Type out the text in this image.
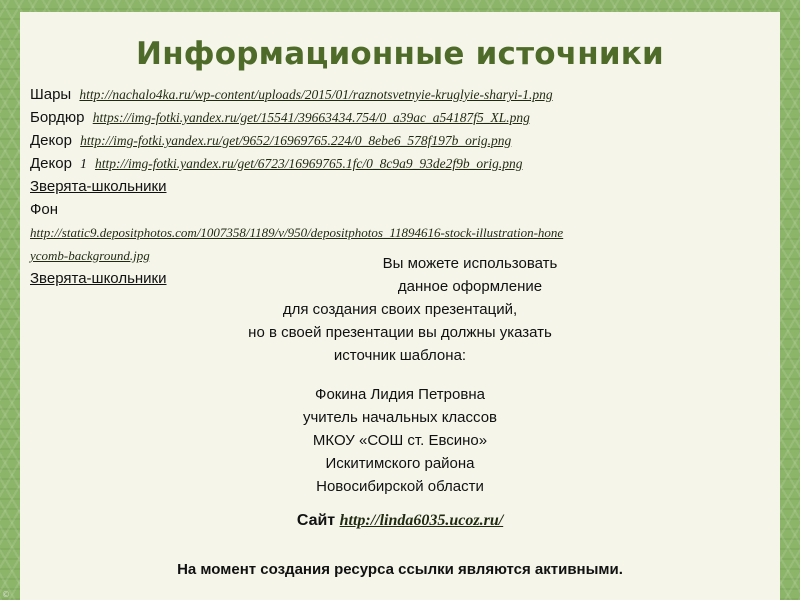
Информационные источники
Шары http://nachalo4ka.ru/wp-content/uploads/2015/01/raznotsvetnyie-kruglyie-sharyi-1.png
Бордюр https://img-fotki.yandex.ru/get/15541/39663434.754/0_a39ac_a54187f5_XL.png
Декор http://img-fotki.yandex.ru/get/9652/16969765.224/0_8ebe6_578f197b_orig.png
Декор 1 http://img-fotki.yandex.ru/get/6723/16969765.1fc/0_8c9a9_93de2f9b_orig.png
Зверята-школьники
Фон
http://static9.depositphotos.com/1007358/1189/v/950/depositphotos_11894616-stock-illustration-hone
ycomb-background.jpg
Зверята-школьники
Вы можете использовать
данное оформление
для создания своих презентаций,
но в своей презентации вы должны указать
источник шаблона:
Фокина Лидия Петровна
учитель начальных классов
МКОУ «СОШ ст. Евсино»
Искитимского района
Новосибирской области
Сайт http://linda6035.ucoz.ru/
На момент создания ресурса ссылки являются активными.
©
